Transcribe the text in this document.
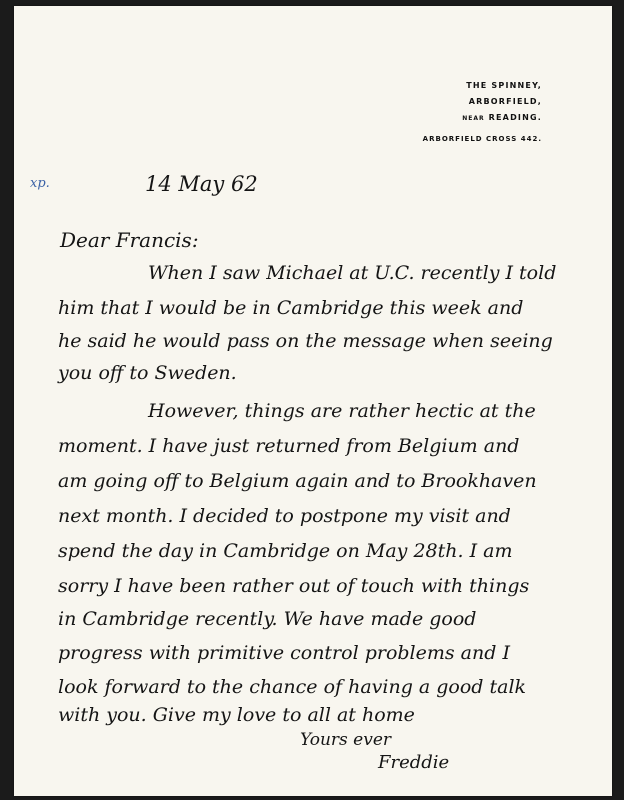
THE SPINNEY,
ARBORFIELD,
NEAR READING.
ARBORFIELD CROSS 442.
xp.	14 May 62
Dear Francis:
When I saw Michael at U.C. recently I told
him that I would be in Cambridge this week and
he said he would pass on the message when seeing
you off to Sweden.
However, things are rather hectic at the
moment. I have just returned from Belgium and
am going off to Belgium again and to Brookhaven
next month. I decided to postpone my visit and
spend the day in Cambridge on May 28th. I am
sorry I have been rather out of touch with things
in Cambridge recently. We have made good
progress with primitive control problems and I
look forward to the chance of having a good talk
with you. Give my love to all at home
Yours ever
Freddie
